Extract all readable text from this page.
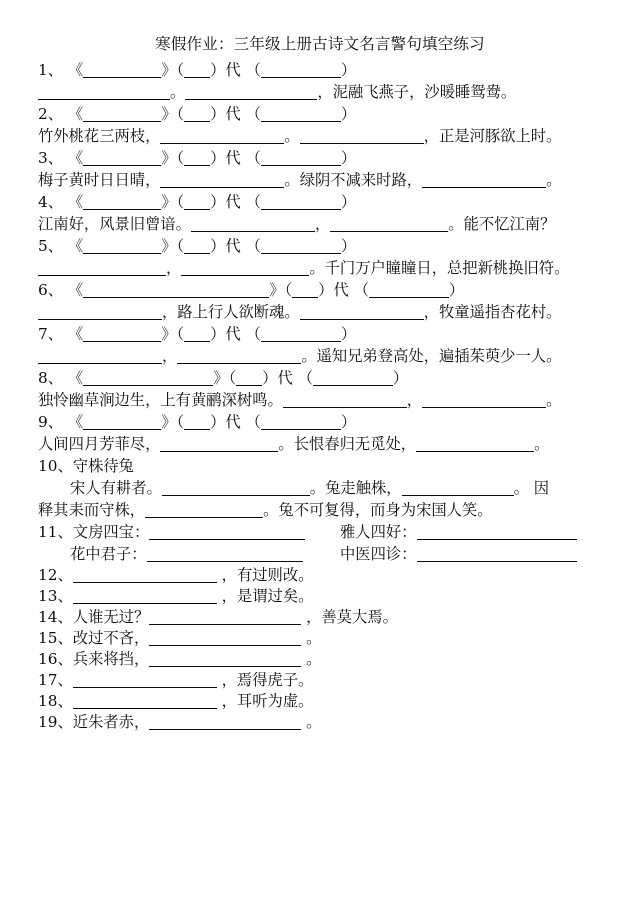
寒假作业：三年级上册古诗文名言警句填空练习
1、 《	》（ ）代 （	）
。	，泥融飞燕子，沙暖睡鸳鸯。
2、 《	》（ ）代 （	）
竹外桃花三两枝，	。	，正是河豚欲上时。
3、 《	》（ ）代 （	）
梅子黄时日日晴，	。绿阴不减来时路，	。
4、 《	》（ ）代 （	）
江南好，风景旧曾谙。	，	。能不忆江南？
5、 《	》（ ）代 （	）
，	。千门万户瞳瞳日，总把新桃换旧符。
6、 《	》（ ）代 （	）
，路上行人欲断魂。	，牧童遥指杏花村。
7、 《	》（ ）代 （	）
，	。遥知兄弟登高处，遍插茱萸少一人。
8、 《	》（ ）代 （	）
独怜幽草涧边生，上有黄鹂深树鸣。	，	。
9、 《	》（ ）代 （	）
人间四月芳菲尽，	。长恨春归无觅处，	。
10、守株待兔
宋人有耕者。	。兔走触株，	。 因
释其耒而守株，	。兔不可复得，而身为宋国人笑。
11、文房四宝：	雅人四好：
花中君子：	中医四诊：
12、	，有过则改。
13、	，是谓过矣。
14、人谁无过？	，善莫大焉。
15、改过不吝，	。
16、兵来将挡，	。
17、	，焉得虎子。
18、	，耳听为虚。
19、近朱者赤，	。
